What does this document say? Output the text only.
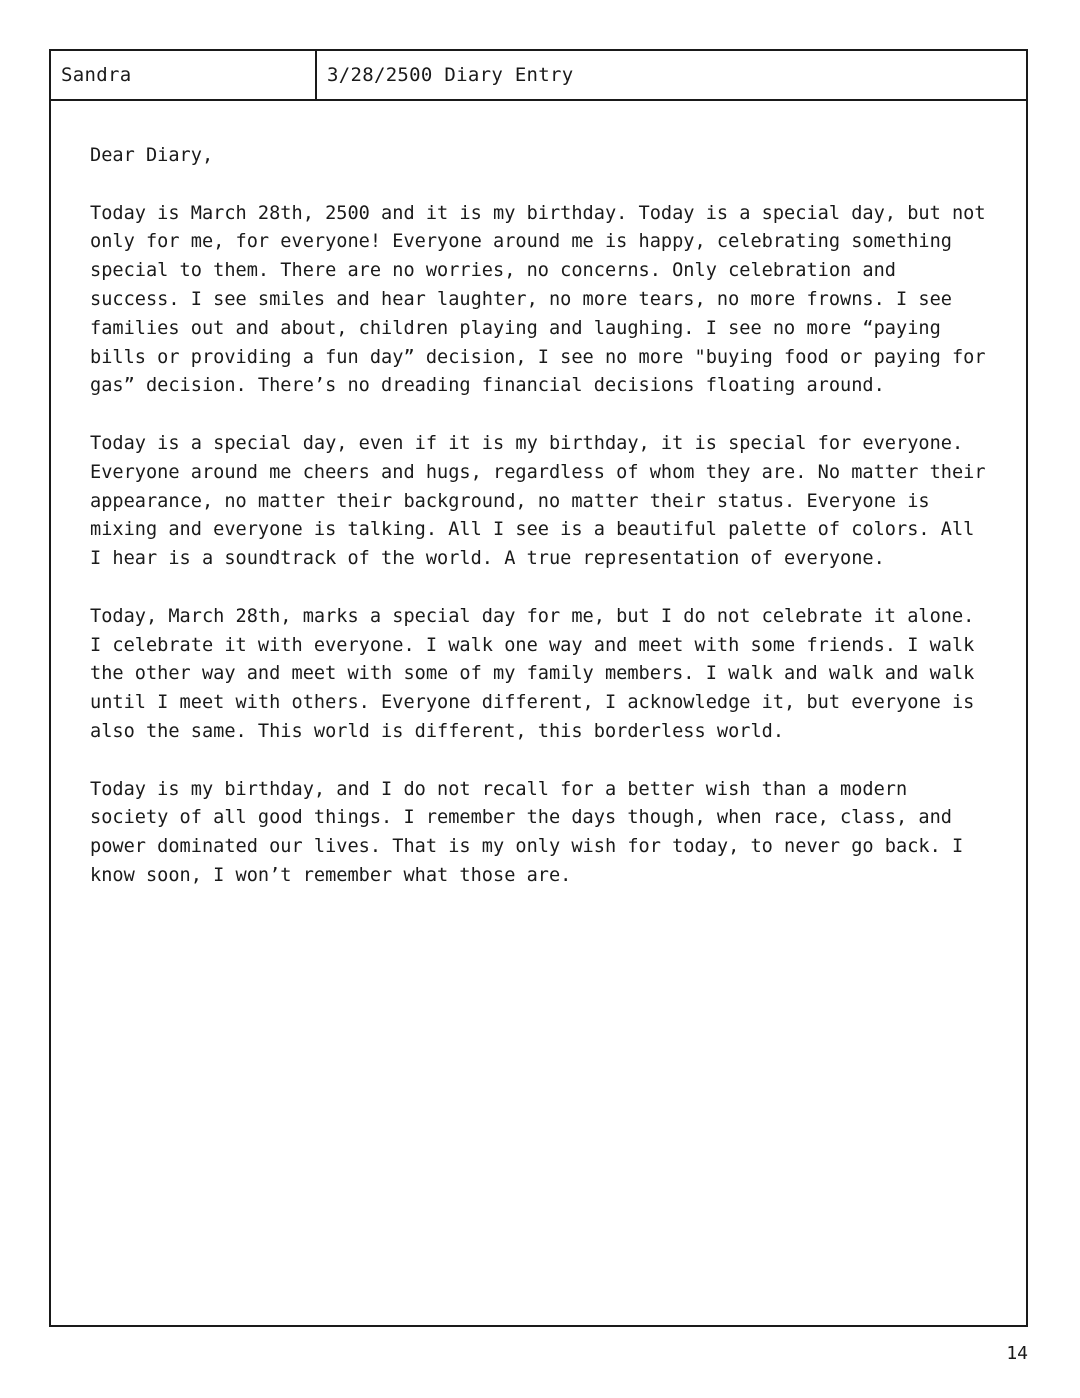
Sandra	3/28/2500 Diary Entry

Dear Diary,

Today is March 28th, 2500 and it is my birthday. Today is a special day, but not only for me, for everyone! Everyone around me is happy, celebrating something special to them. There are no worries, no concerns. Only celebration and success. I see smiles and hear laughter, no more tears, no more frowns. I see families out and about, children playing and laughing. I see no more “paying bills or providing a fun day” decision, I see no more "buying food or paying for gas” decision. There’s no dreading financial decisions floating around.

Today is a special day, even if it is my birthday, it is special for everyone. Everyone around me cheers and hugs, regardless of whom they are. No matter their appearance, no matter their background, no matter their status. Everyone is mixing and everyone is talking. All I see is a beautiful palette of colors. All I hear is a soundtrack of the world. A true representation of everyone.

Today, March 28th, marks a special day for me, but I do not celebrate it alone. I celebrate it with everyone. I walk one way and meet with some friends. I walk the other way and meet with some of my family members. I walk and walk and walk until I meet with others. Everyone different, I acknowledge it, but everyone is also the same. This world is different, this borderless world.

Today is my birthday, and I do not recall for a better wish than a modern society of all good things. I remember the days though, when race, class, and power dominated our lives. That is my only wish for today, to never go back. I know soon, I won’t remember what those are.

14
